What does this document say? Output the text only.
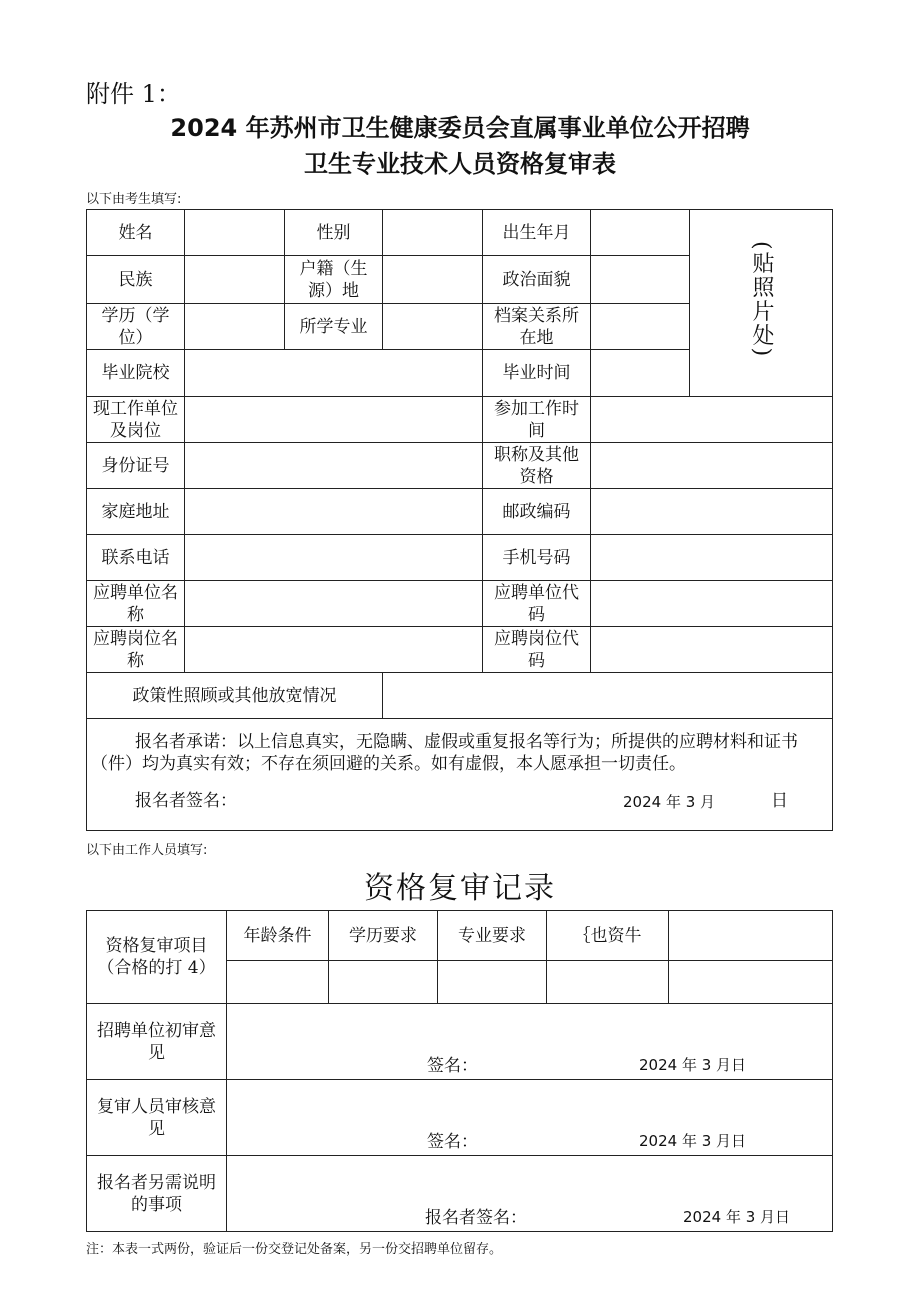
附件 1：
2024 年苏州市卫生健康委员会直属事业单位公开招聘
卫生专业技术人员资格复审表
以下由考生填写:
姓名		性别		出生年月		(贴照片处)
民族		户籍（生源）地		政治面貌		
学历（学位）		所学专业		档案关系所在地		
毕业院校				毕业时间		
现工作单位及岗位				参加工作时间		
身份证号				职称及其他资格		
家庭地址				邮政编码		
联系电话				手机号码		
应聘单位名称				应聘单位代码		
应聘岗位名称				应聘岗位代码		
政策性照顾或其他放宽情况						

报名者承诺：以上信息真实，无隐瞒、虚假或重复报名等行为；所提供的应聘材料和证书（件）均为真实有效；不存在须回避的关系。如有虚假，本人愿承担一切责任。
报名者签名： 2024 年 3 月 日						
以下由工作人员填写:
资格复审记录
资格复审项目（合格的打 4）	年龄条件	学历要求	专业要求	｛也资牛	

招聘单位初审意见	签名： 2024 年 3 月日				

复审人员审核意见	签名： 2024 年 3 月日				

报名者另需说明的事项	报名者签名： 2024 年 3 月日				
注：本表一式两份，验证后一份交登记处备案，另一份交招聘单位留存。
